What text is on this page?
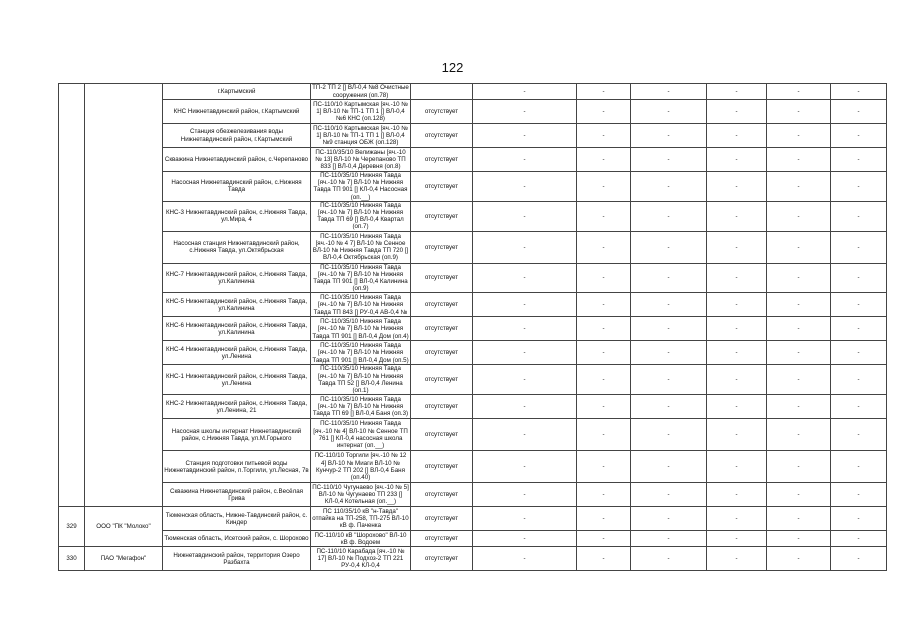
122
		г.Картымский	ТП-2 ТП 2 [] ВЛ-0,4 №8 Очистные сооружения (оп.78)		-	-	-	-	-	-
		КНС Нижнетавдинский район, г.Картымский	ПС-110/10 Картымская [яч.-10 № 1] ВЛ-10 № ТП-1 ТП 1 [] ВЛ-0,4 №6 КНС (оп.128)	отсутствует	-	-	-	-	-	-
		Станция обезжелезивания воды Нижнетавдинский район, г.Картымский	ПС-110/10 Картымская [яч.-10 № 1] ВЛ-10 № ТП-1 ТП 1 [] ВЛ-0,4 №9 станция ОБЖ (оп.128)	отсутствует	-	-	-	-	-	-
		Скважина Нижнетавдинский район, с.Черепаново	ПС-110/35/10 Велижаны [яч.-10 № 13] ВЛ-10 № Черепаново ТП 833 [] ВЛ-0,4 Деревня (оп.8)	отсутствует	-	-	-	-	-	-
		Насосная Нижнетавдинский район, с.Нижняя Тавда	ПС-110/35/10 Нижняя Тавда [яч.-10 № 7] ВЛ-10 № Нижняя Тавда ТП 901 [] КЛ-0,4 Насосная (оп.__)	отсутствует	-	-	-	-	-	-
		КНС-3 Нижнетавдинский район, с.Нижняя Тавда, ул.Мира, 4	ПС-110/35/10 Нижняя Тавда [яч.-10 № 7] ВЛ-10 № Нижняя Тавда ТП 69 [] ВЛ-0,4 Квартал (оп.7)	отсутствует	-	-	-	-	-	-
		Насосная станция Нижнетавдинский район, с.Нижняя Тавда, ул.Октябрьская	ПС-110/35/10 Нижняя Тавда [яч.-10 № 4 7] ВЛ-10 № Сенное ВЛ-10 № Нижняя Тавда ТП 720 [] ВЛ-0,4 Октябрьская (оп.9)	отсутствует	-	-	-	-	-	-
		КНС-7 Нижнетавдинский район, с.Нижняя Тавда, ул.Калинина	ПС-110/35/10 Нижняя Тавда [яч.-10 № 7] ВЛ-10 № Нижняя Тавда ТП 901 [] ВЛ-0,4 Калинина (оп.9)	отсутствует	-	-	-	-	-	-
		КНС-5 Нижнетавдинский район, с.Нижняя Тавда, ул.Калинина	ПС-110/35/10 Нижняя Тавда [яч.-10 № 7] ВЛ-10 № Нижняя Тавда ТП 843 [] РУ-0,4 АВ-0,4 №	отсутствует	-	-	-	-	-	-
		КНС-6 Нижнетавдинский район, с.Нижняя Тавда, ул.Калинина	ПС-110/35/10 Нижняя Тавда [яч.-10 № 7] ВЛ-10 № Нижняя Тавда ТП 901 [] ВЛ-0,4 Дом (оп.4)	отсутствует	-	-	-	-	-	-
		КНС-4 Нижнетавдинский район, с.Нижняя Тавда, ул.Ленина	ПС-110/35/10 Нижняя Тавда [яч.-10 № 7] ВЛ-10 № Нижняя Тавда ТП 901 [] ВЛ-0,4 Дом (оп.5)	отсутствует	-	-	-	-	-	-
		КНС-1 Нижнетавдинский район, с.Нижняя Тавда, ул.Ленина	ПС-110/35/10 Нижняя Тавда [яч.-10 № 7] ВЛ-10 № Нижняя Тавда ТП 52 [] ВЛ-0,4 Ленина (оп.1)	отсутствует	-	-	-	-	-	-
		КНС-2 Нижнетавдинский район, с.Нижняя Тавда, ул.Ленина, 21	ПС-110/35/10 Нижняя Тавда [яч.-10 № 7] ВЛ-10 № Нижняя Тавда ТП 69 [] ВЛ-0,4 Баня (оп.3)	отсутствует	-	-	-	-	-	-
		Насосная школы интернат Нижнетавдинский район, с.Нижняя Тавда, ул.М.Горького	ПС-110/35/10 Нижняя Тавда [яч.-10 № 4] ВЛ-10 № Сенное ТП 761 [] КЛ-0,4 насосная школа интернат (оп.__)	отсутствует	-	-	-	-	-	-
		Станция подготовки питьевой воды Нижнетавдинский район, п.Торгили, ул.Лесная, 7в	ПС-110/10 Торгили [яч.-10 № 12 4] ВЛ-10 № Миаги ВЛ-10 № Кунчур-2 ТП 202 [] ВЛ-0,4 Баня (оп.40)	отсутствует	-	-	-	-	-	-
		Скважина Нижнетавдинский район, с.Весёлая Грива	ПС-110/10 Чугунаево [яч.-10 № 5] ВЛ-10 № Чугунаево ТП 233 [] КЛ-0,4 Котельная (оп.__)	отсутствует	-	-	-	-	-	-
329	ООО "ПК "Молоко"	Тюменская область, Нижне-Тавдинский район, с. Киндер	ПС 110/35/10 кВ "н-Тавда" отпайка на ТП-258, ТП-275 ВЛ-10 кВ ф. Паченка	отсутствует	-	-	-	-	-	-
		Тюменская область, Исетский район, с. Шорохово	ПС-110/10 кВ "Шорохово" ВЛ-10 кВ ф. Водоем	отсутствует	-	-	-	-	-	-
330	ПАО "Мегафон"	Нижнетавдинский район, территория Озеро Разбахта	ПС-110/10 Карабада [яч.-10 № 17] ВЛ-10 № Подхоз-2 ТП 221 РУ-0,4 КЛ-0,4	отсутствует	-	-	-	-	-	-
